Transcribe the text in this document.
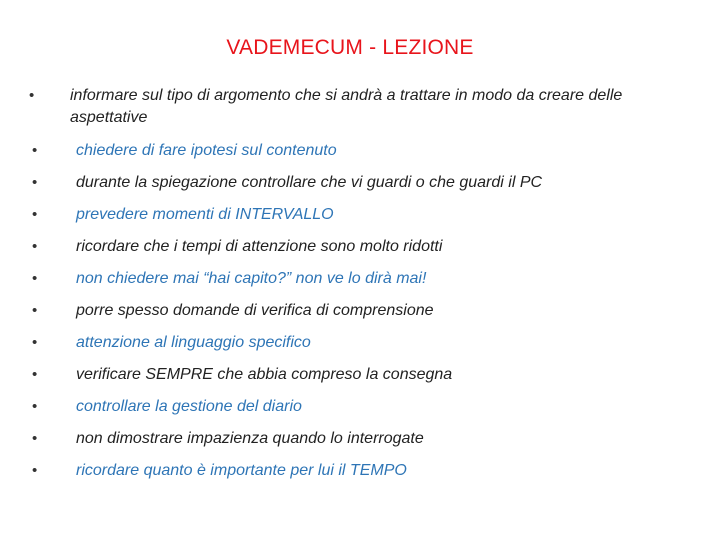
VADEMECUM - LEZIONE
• informare sul tipo di argomento che si andrà a trattare in modo da creare delle aspettative
• chiedere di fare ipotesi sul contenuto
• durante la spiegazione controllare che vi guardi o che guardi il PC
• prevedere momenti di INTERVALLO
• ricordare che i tempi di attenzione sono molto ridotti
• non chiedere mai “hai capito?” non ve lo dirà mai!
• porre spesso domande di verifica di comprensione
• attenzione al linguaggio specifico
• verificare SEMPRE che abbia compreso la consegna
• controllare la gestione del diario
• non dimostrare impazienza quando lo interrogate
• ricordare quanto è importante per lui il TEMPO
